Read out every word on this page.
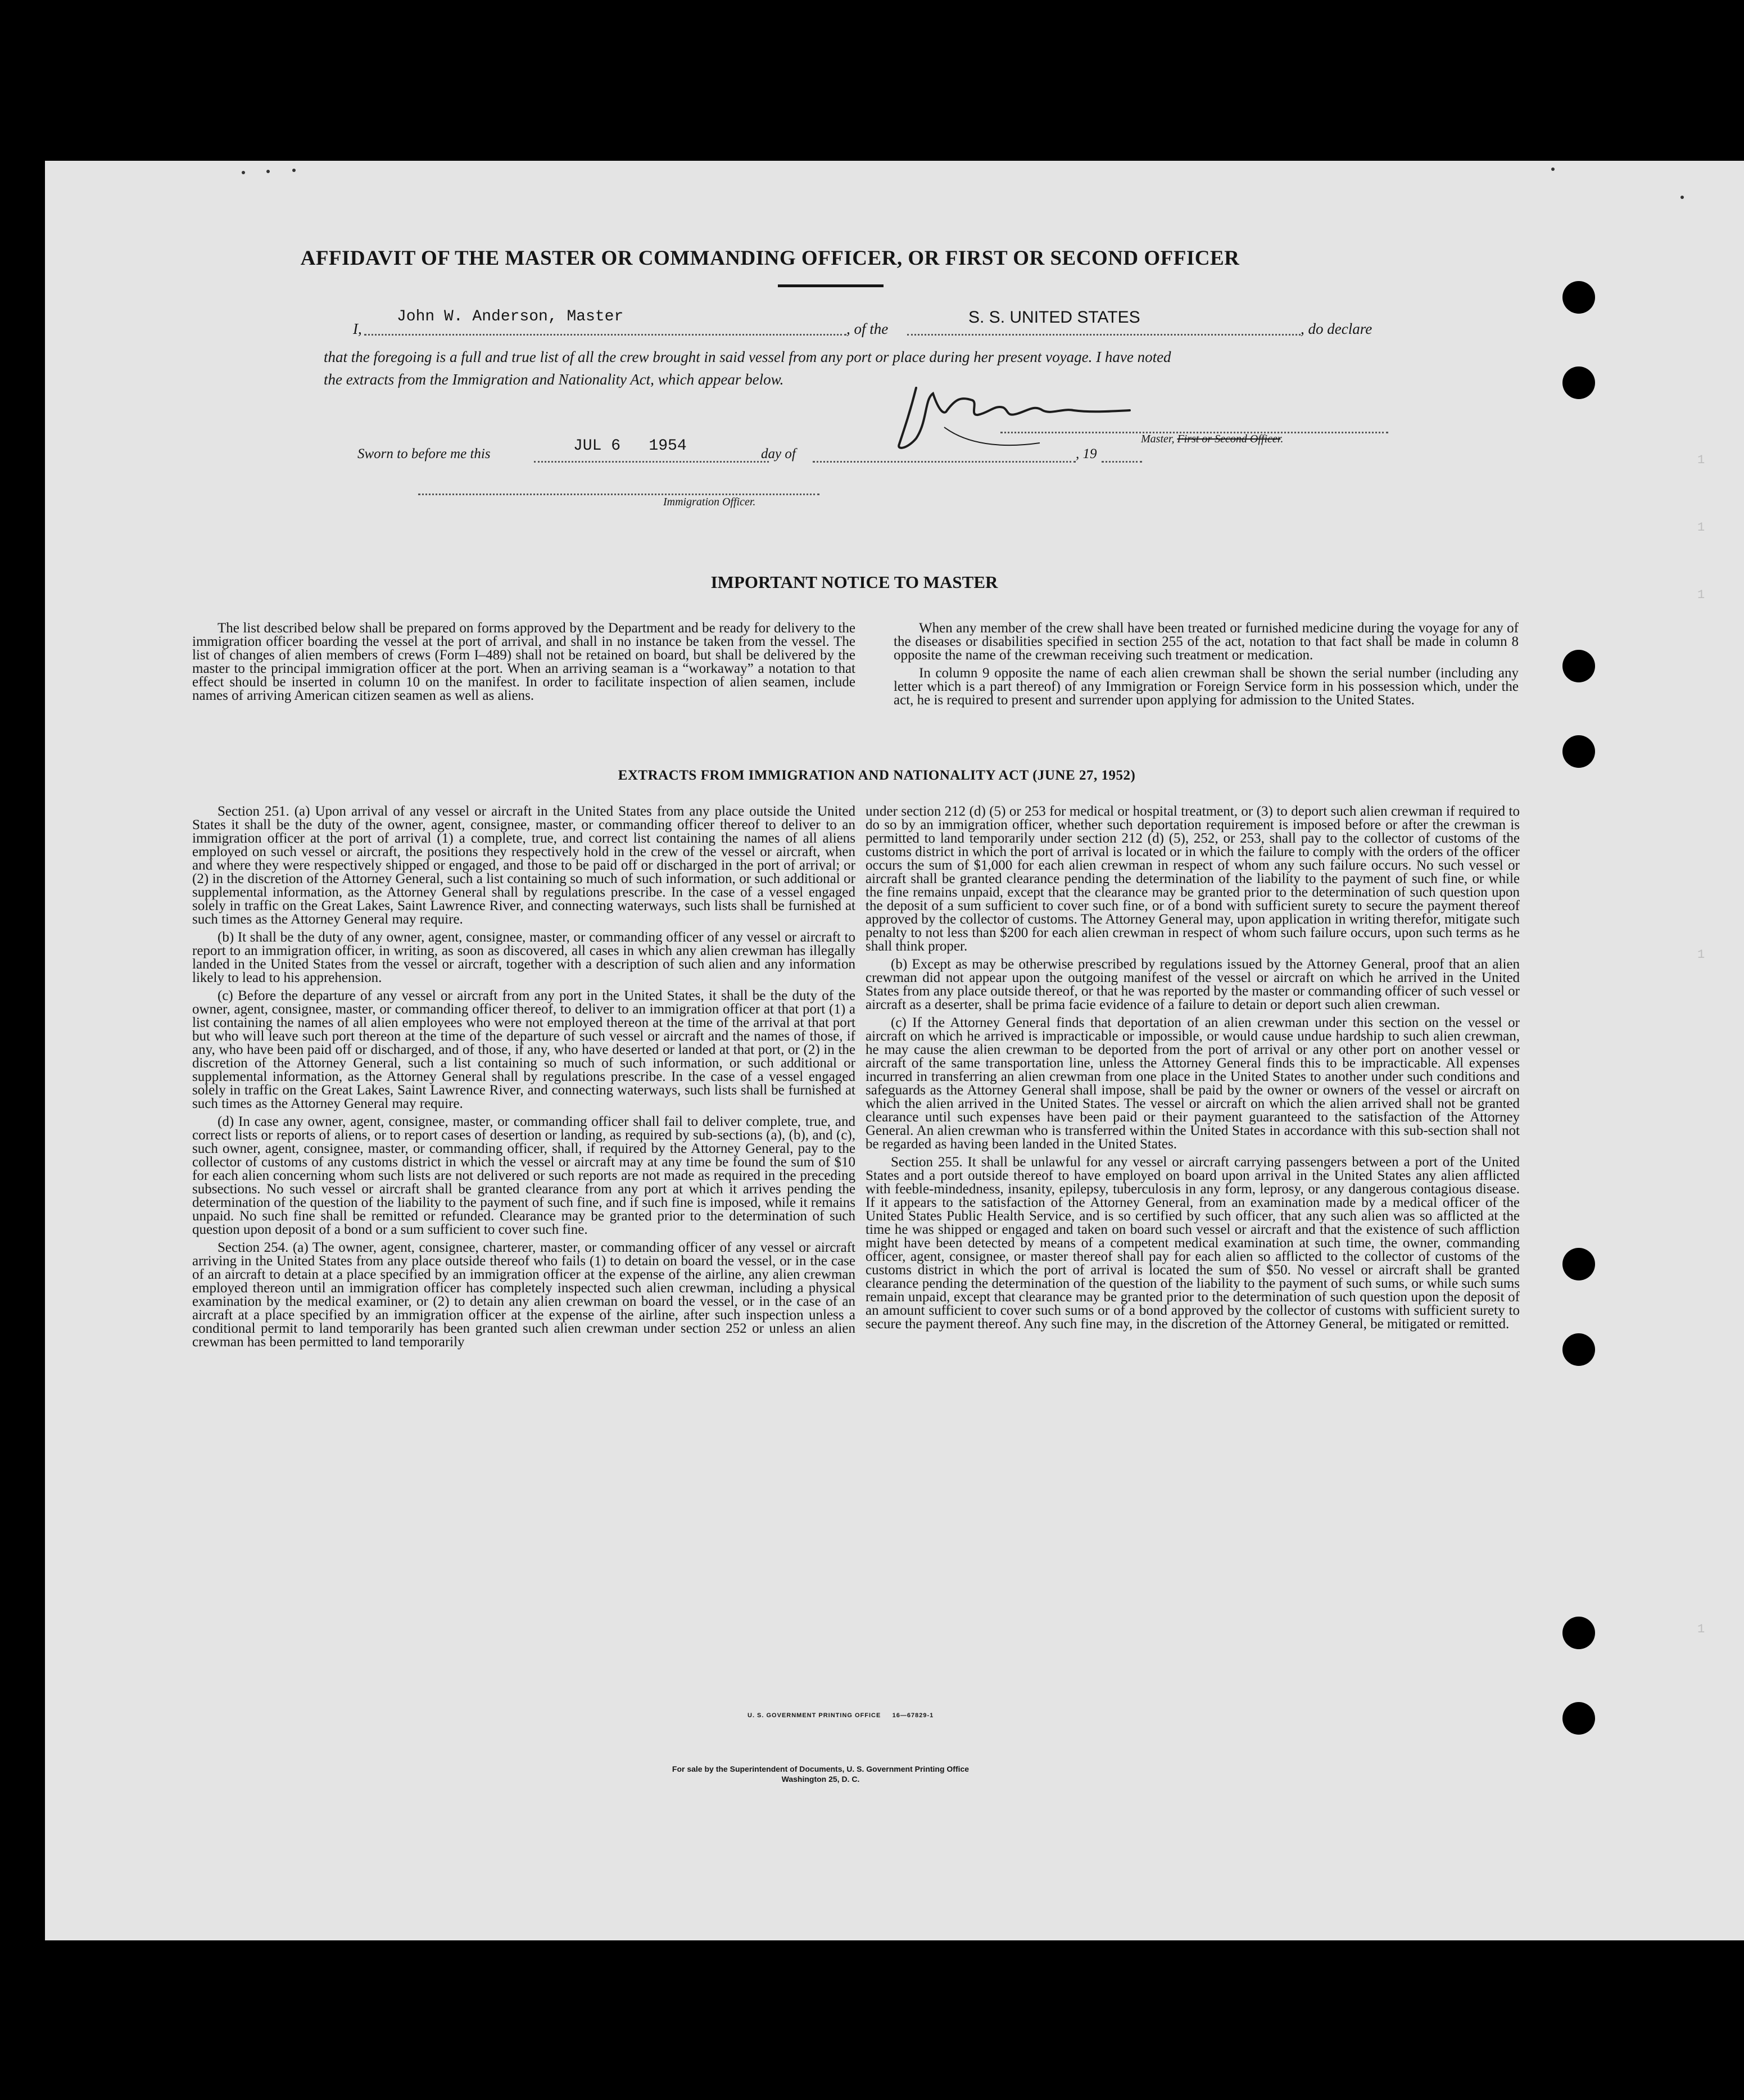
1
1
1
1
1
AFFIDAVIT OF THE MASTER OR COMMANDING OFFICER, OR FIRST OR SECOND OFFICER
I,
John W. Anderson, Master
, of the
S. S. UNITED STATES
, do declare
that the foregoing is a full and true list of all the crew brought in said vessel from any port or place during her present voyage. I have noted
the extracts from the Immigration and Nationality Act, which appear below.
Master, First or Second Officer.
Sworn to before me this	JUL 6   1954	day of	, 19
Immigration Officer.
IMPORTANT NOTICE TO MASTER

The list described below shall be prepared on forms approved by the Department and be ready for delivery to the immigration officer boarding the vessel at the port of arrival, and shall in no instance be taken from the vessel. The list of changes of alien members of crews (Form I–489) shall not be retained on board, but shall be delivered by the master to the principal immigration officer at the port. When an arriving seaman is a “workaway” a notation to that effect should be inserted in column 10 on the manifest. In order to facilitate inspection of alien seamen, include names of arriving American citizen seamen as well as aliens.

When any member of the crew shall have been treated or furnished medicine during the voyage for any of the diseases or disabilities specified in section 255 of the act, notation to that fact shall be made in column 8 opposite the name of the crewman receiving such treatment or medication.

In column 9 opposite the name of each alien crewman shall be shown the serial number (including any letter which is a part thereof) of any Immigration or Foreign Service form in his possession which, under the act, he is required to present and surrender upon applying for admission to the United States.

EXTRACTS FROM IMMIGRATION AND NATIONALITY ACT (JUNE 27, 1952)

Section 251. (a) Upon arrival of any vessel or aircraft in the United States from any place outside the United States it shall be the duty of the owner, agent, consignee, master, or commanding officer thereof to deliver to an immigration officer at the port of arrival (1) a complete, true, and correct list containing the names of all aliens employed on such vessel or aircraft, the positions they respectively hold in the crew of the vessel or aircraft, when and where they were respectively shipped or engaged, and those to be paid off or discharged in the port of arrival; or (2) in the discretion of the Attorney General, such a list containing so much of such information, or such additional or supplemental information, as the Attorney General shall by regulations prescribe. In the case of a vessel engaged solely in traffic on the Great Lakes, Saint Lawrence River, and connecting waterways, such lists shall be furnished at such times as the Attorney General may require.

(b) It shall be the duty of any owner, agent, consignee, master, or commanding officer of any vessel or aircraft to report to an immigration officer, in writing, as soon as discovered, all cases in which any alien crewman has illegally landed in the United States from the vessel or aircraft, together with a description of such alien and any information likely to lead to his apprehension.

(c) Before the departure of any vessel or aircraft from any port in the United States, it shall be the duty of the owner, agent, consignee, master, or commanding officer thereof, to deliver to an immigration officer at that port (1) a list containing the names of all alien employees who were not employed thereon at the time of the arrival at that port but who will leave such port thereon at the time of the departure of such vessel or aircraft and the names of those, if any, who have been paid off or discharged, and of those, if any, who have deserted or landed at that port, or (2) in the discretion of the Attorney General, such a list containing so much of such information, or such additional or supplemental information, as the Attorney General shall by regulations prescribe. In the case of a vessel engaged solely in traffic on the Great Lakes, Saint Lawrence River, and connecting waterways, such lists shall be furnished at such times as the Attorney General may require.

(d) In case any owner, agent, consignee, master, or commanding officer shall fail to deliver complete, true, and correct lists or reports of aliens, or to report cases of desertion or landing, as required by sub-sections (a), (b), and (c), such owner, agent, consignee, master, or commanding officer, shall, if required by the Attorney General, pay to the collector of customs of any customs district in which the vessel or aircraft may at any time be found the sum of $10 for each alien concerning whom such lists are not delivered or such reports are not made as required in the preceding subsections. No such vessel or aircraft shall be granted clearance from any port at which it arrives pending the determination of the question of the liability to the payment of such fine, and if such fine is imposed, while it remains unpaid. No such fine shall be remitted or refunded. Clearance may be granted prior to the determination of such question upon deposit of a bond or a sum sufficient to cover such fine.

Section 254. (a) The owner, agent, consignee, charterer, master, or commanding officer of any vessel or aircraft arriving in the United States from any place outside thereof who fails (1) to detain on board the vessel, or in the case of an aircraft to detain at a place specified by an immigration officer at the expense of the airline, any alien crewman employed thereon until an immigration officer has completely inspected such alien crewman, including a physical examination by the medical examiner, or (2) to detain any alien crewman on board the vessel, or in the case of an aircraft at a place specified by an immigration officer at the expense of the airline, after such inspection unless a conditional permit to land temporarily has been granted such alien crewman under section 252 or unless an alien crewman has been permitted to land temporarily

under section 212 (d) (5) or 253 for medical or hospital treatment, or (3) to deport such alien crewman if required to do so by an immigration officer, whether such deportation requirement is imposed before or after the crewman is permitted to land temporarily under section 212 (d) (5), 252, or 253, shall pay to the collector of customs of the customs district in which the port of arrival is located or in which the failure to comply with the orders of the officer occurs the sum of $1,000 for each alien crewman in respect of whom any such failure occurs. No such vessel or aircraft shall be granted clearance pending the determination of the liability to the payment of such fine, or while the fine remains unpaid, except that the clearance may be granted prior to the determination of such question upon the deposit of a sum sufficient to cover such fine, or of a bond with sufficient surety to secure the payment thereof approved by the collector of customs. The Attorney General may, upon application in writing therefor, mitigate such penalty to not less than $200 for each alien crewman in respect of whom such failure occurs, upon such terms as he shall think proper.

(b) Except as may be otherwise prescribed by regulations issued by the Attorney General, proof that an alien crewman did not appear upon the outgoing manifest of the vessel or aircraft on which he arrived in the United States from any place outside thereof, or that he was reported by the master or commanding officer of such vessel or aircraft as a deserter, shall be prima facie evidence of a failure to detain or deport such alien crewman.

(c) If the Attorney General finds that deportation of an alien crewman under this section on the vessel or aircraft on which he arrived is impracticable or impossible, or would cause undue hardship to such alien crewman, he may cause the alien crewman to be deported from the port of arrival or any other port on another vessel or aircraft of the same transportation line, unless the Attorney General finds this to be impracticable. All expenses incurred in transferring an alien crewman from one place in the United States to another under such conditions and safeguards as the Attorney General shall impose, shall be paid by the owner or owners of the vessel or aircraft on which the alien arrived in the United States. The vessel or aircraft on which the alien arrived shall not be granted clearance until such expenses have been paid or their payment guaranteed to the satisfaction of the Attorney General. An alien crewman who is transferred within the United States in accordance with this sub-section shall not be regarded as having been landed in the United States.

Section 255. It shall be unlawful for any vessel or aircraft carrying passengers between a port of the United States and a port outside thereof to have employed on board upon arrival in the United States any alien afflicted with feeble-mindedness, insanity, epilepsy, tuberculosis in any form, leprosy, or any dangerous contagious disease. If it appears to the satisfaction of the Attorney General, from an examination made by a medical officer of the United States Public Health Service, and is so certified by such officer, that any such alien was so afflicted at the time he was shipped or engaged and taken on board such vessel or aircraft and that the existence of such affliction might have been detected by means of a competent medical examination at such time, the owner, commanding officer, agent, consignee, or master thereof shall pay for each alien so afflicted to the collector of customs of the customs district in which the port of arrival is located the sum of $50. No vessel or aircraft shall be granted clearance pending the determination of the question of the liability to the payment of such sums, or while such sums remain unpaid, except that clearance may be granted prior to the determination of such question upon the deposit of an amount sufficient to cover such sums or of a bond approved by the collector of customs with sufficient surety to secure the payment thereof. Any such fine may, in the discretion of the Attorney General, be mitigated or remitted.

U. S. GOVERNMENT PRINTING OFFICE     16—67829-1
For sale by the Superintendent of Documents, U. S. Government Printing Office
Washington 25, D. C.
